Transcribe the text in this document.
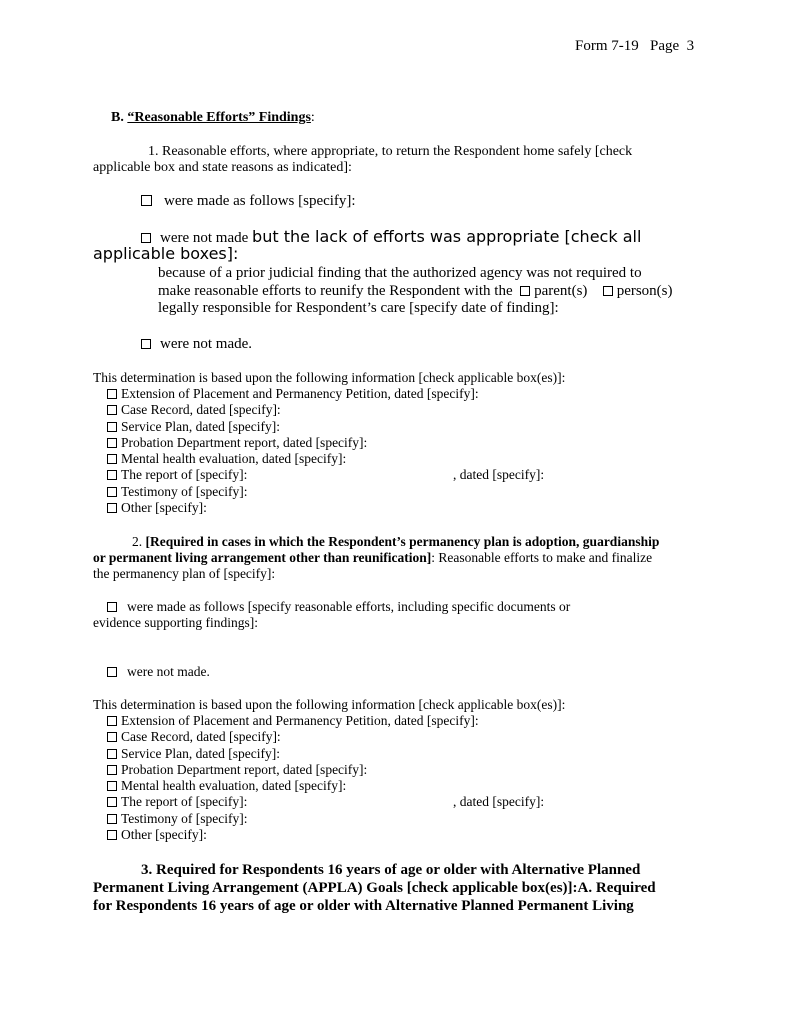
Form 7-19 Page 3
B. “Reasonable Efforts” Findings:
1. Reasonable efforts, where appropriate, to return the Respondent home safely [check
applicable box and state reasons as indicated]:
were made as follows [specify]:
were not made but the lack of efforts was appropriate [check all
applicable boxes]:
because of a prior judicial finding that the authorized agency was not required to
make reasonable efforts to reunify the Respondent with the parent(s) person(s)
legally responsible for Respondent’s care [specify date of finding]:
were not made.
This determination is based upon the following information [check applicable box(es)]:
Extension of Placement and Permanency Petition, dated [specify]:
Case Record, dated [specify]:
Service Plan, dated [specify]:
Probation Department report, dated [specify]:
Mental health evaluation, dated [specify]:
The report of [specify]:	, dated [specify]:
Testimony of [specify]:
Other [specify]:
2. [Required in cases in which the Respondent’s permanency plan is adoption, guardianship
or permanent living arrangement other than reunification]: Reasonable efforts to make and finalize
the permanency plan of [specify]:
were made as follows [specify reasonable efforts, including specific documents or
evidence supporting findings]:
were not made.
This determination is based upon the following information [check applicable box(es)]:
Extension of Placement and Permanency Petition, dated [specify]:
Case Record, dated [specify]:
Service Plan, dated [specify]:
Probation Department report, dated [specify]:
Mental health evaluation, dated [specify]:
The report of [specify]:	, dated [specify]:
Testimony of [specify]:
Other [specify]:
3. Required for Respondents 16 years of age or older with Alternative Planned
Permanent Living Arrangement (APPLA) Goals [check applicable box(es)]:A. Required
for Respondents 16 years of age or older with Alternative Planned Permanent Living
